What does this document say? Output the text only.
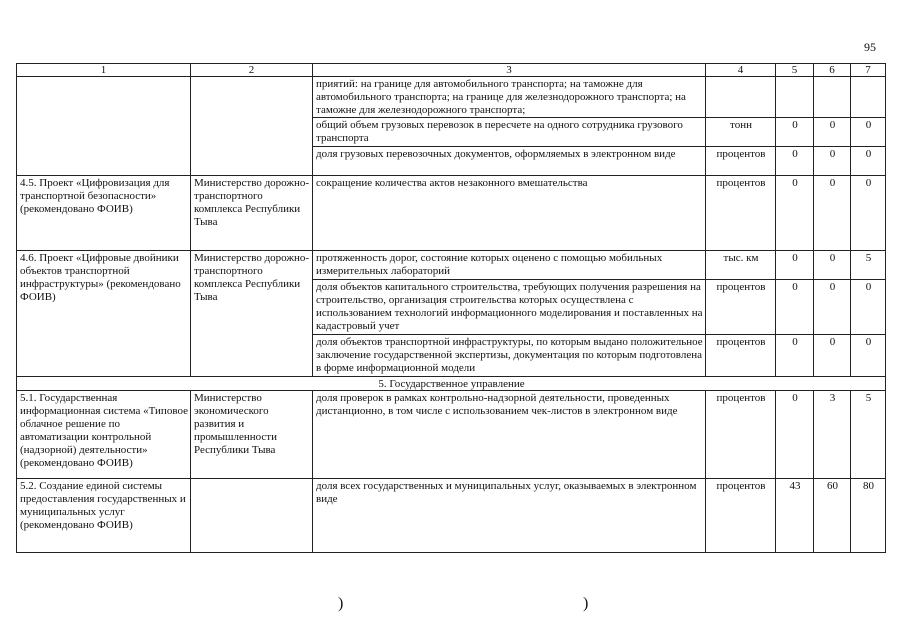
95
1	2	3	4	5	6	7
		приятий: на границе для автомобильного транспорта; на таможне для автомобильного транспорта; на границе для железнодорожного транспорта; на таможне для железнодорожного транспорта;				
		общий объем грузовых перевозок в пересчете на одного сотрудника грузового транспорта	тонн	0	0	0
		доля грузовых перевозочных документов, оформляемых в электронном виде	процентов	0	0	0
4.5. Проект «Цифровизация для транспортной безопасности» (рекомендовано ФОИВ)	Министерство дорожно-транспортного комплекса Республики Тыва	сокращение количества актов незаконного вмешательства	процентов	0	0	0
4.6. Проект «Цифровые двойники объектов транспортной инфраструктуры» (рекомендовано ФОИВ)	Министерство дорожно-транспортного комплекса Республики Тыва	протяженность дорог, состояние которых оценено с помощью мобильных измерительных лабораторий	тыс. км	0	0	5
		доля объектов капитального строительства, требующих получения разрешения на строительство, организация строительства которых осуществлена с использованием технологий информационного моделирования и поставленных на кадастровый учет	процентов	0	0	0
		доля объектов транспортной инфраструктуры, по которым выдано положительное заключение государственной экспертизы, документация по которым подготовлена в форме информационной модели	процентов	0	0	0
5. Государственное управление						
5.1. Государственная информационная система «Типовое облачное решение по автоматизации контрольной (надзорной) деятельности» (рекомендовано ФОИВ)	Министерство экономического развития и промышленности Республики Тыва	доля проверок в рамках контрольно-надзорной деятельности, проведенных дистанционно, в том числе с использованием чек-листов в электронном виде	процентов	0	3	5
5.2. Создание единой системы предоставления государственных и муниципальных услуг (рекомендовано ФОИВ)		доля всех государственных и муниципальных услуг, оказываемых в электронном виде	процентов	43	60	80
)	)
